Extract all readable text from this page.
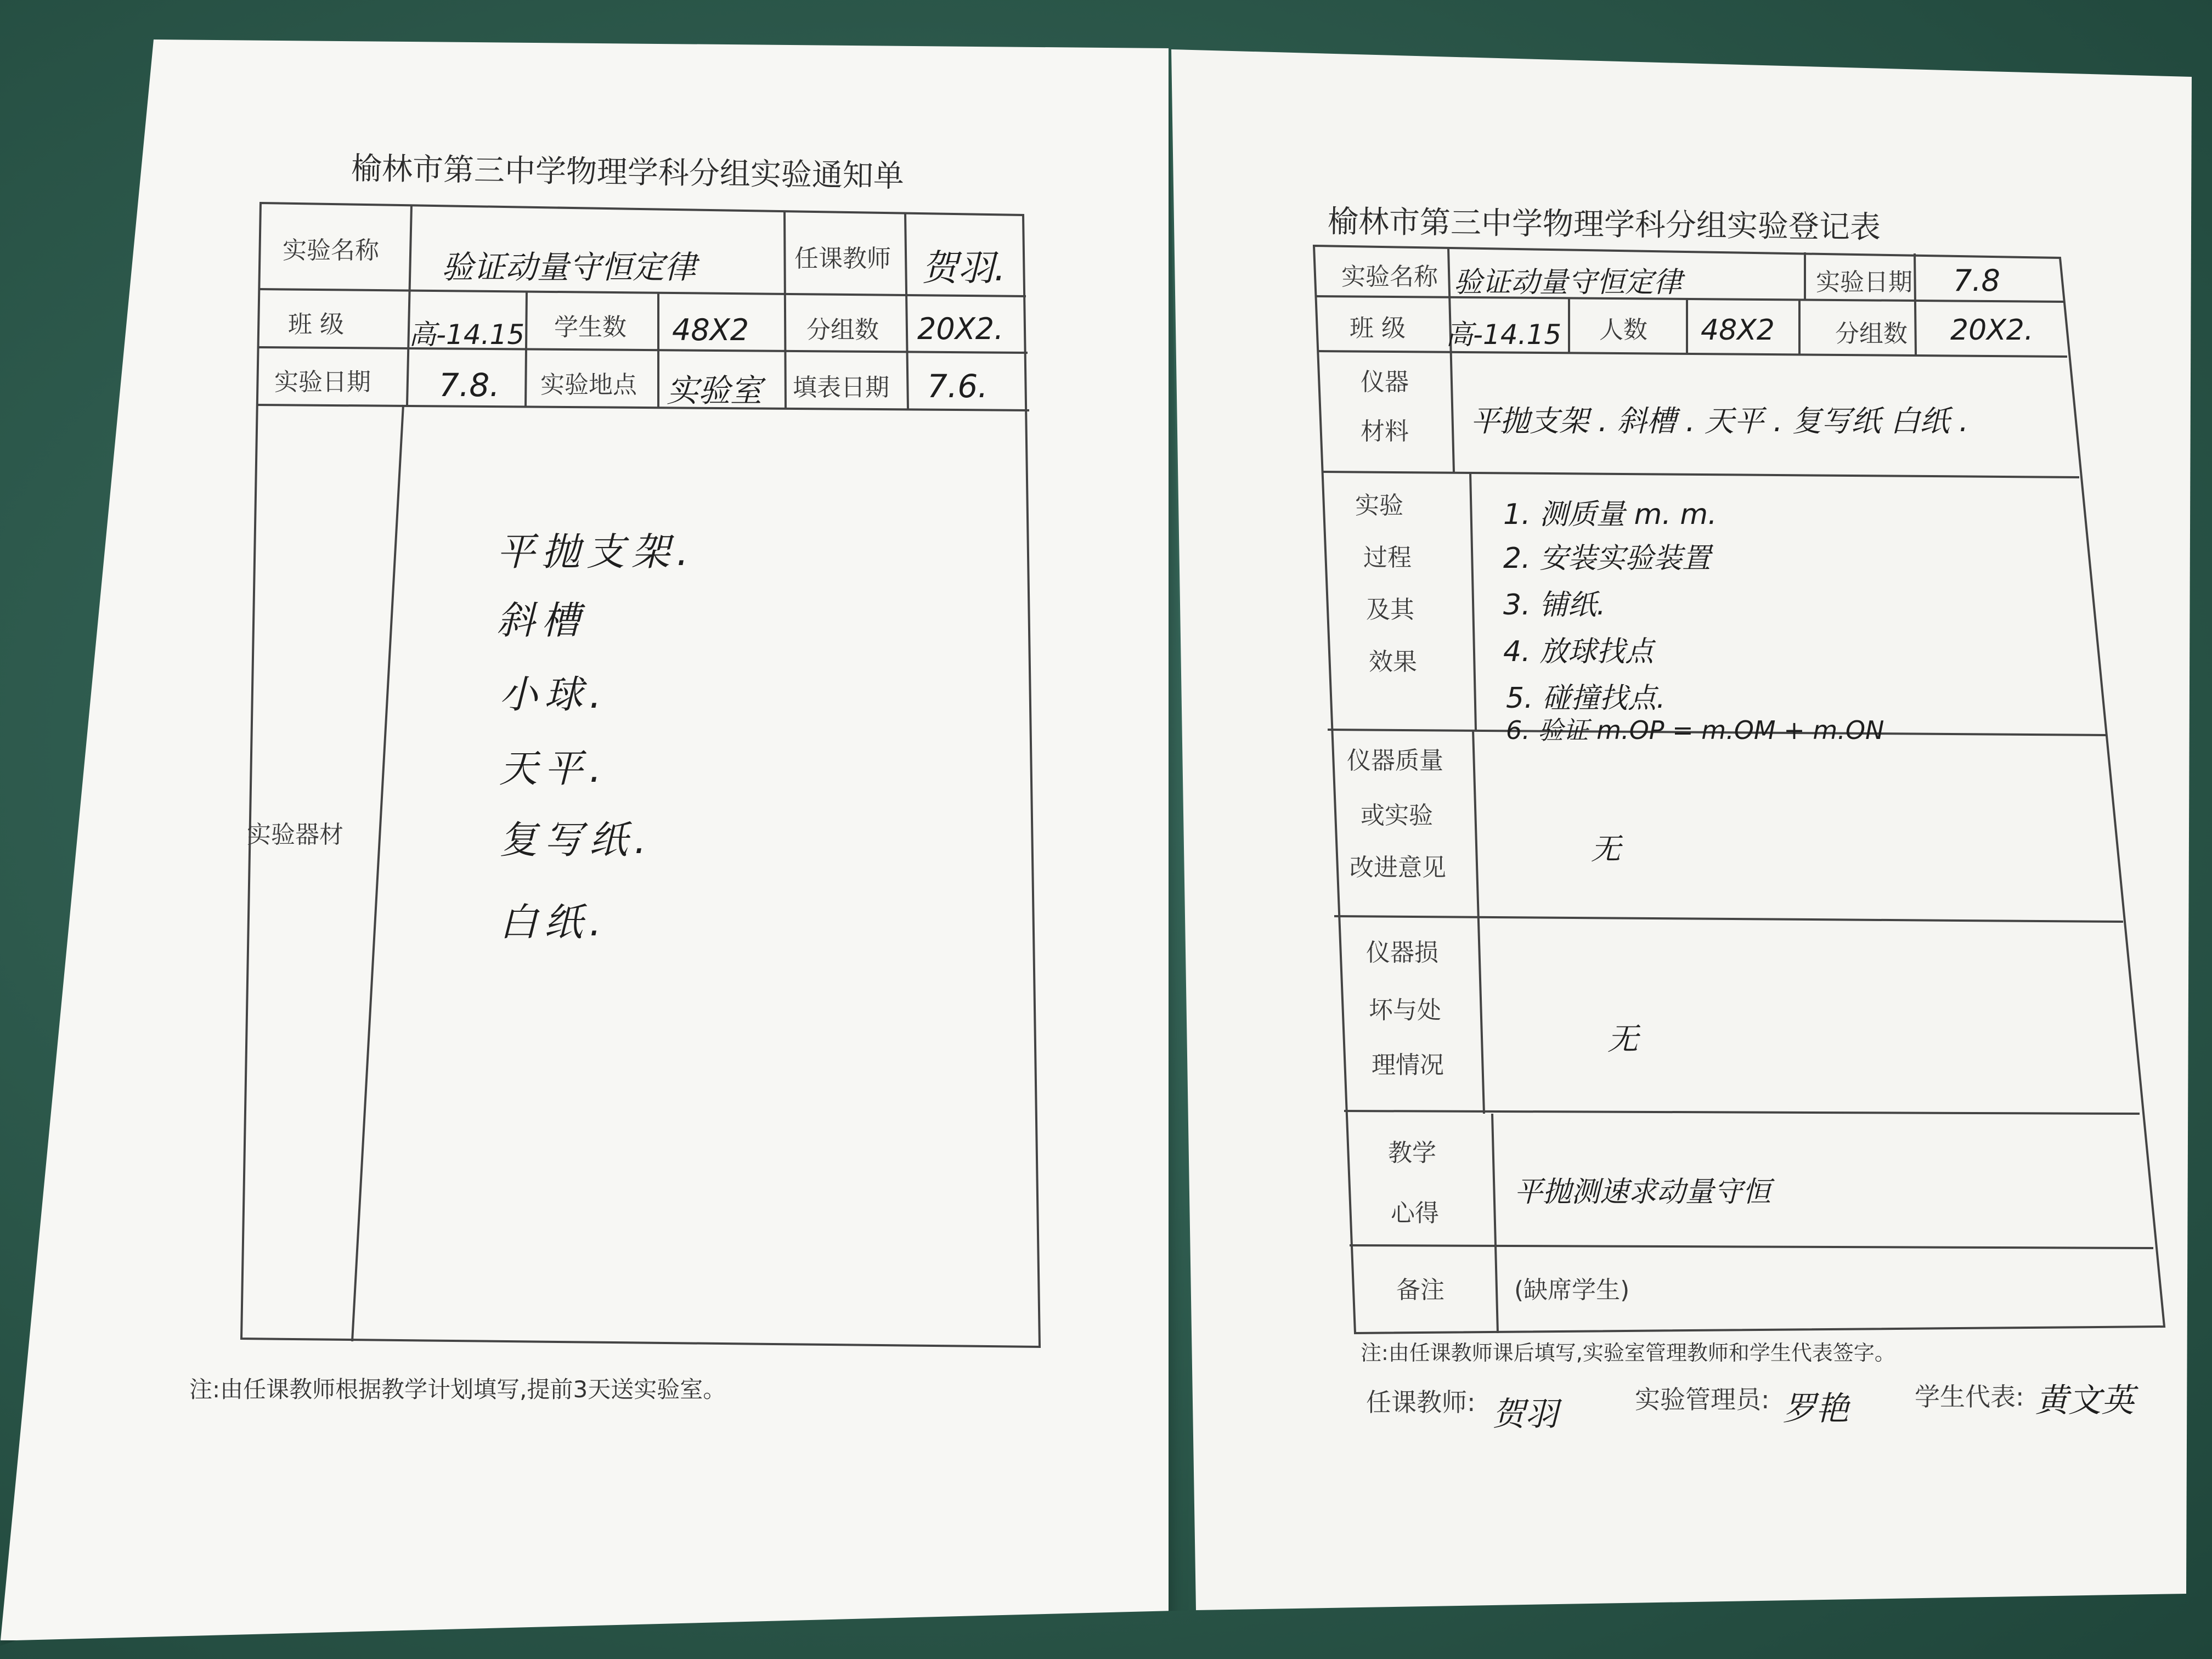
榆林市第三中学物理学科分组实验通知单
实验名称 验证动量守恒定律	任课教师 贺羽.
班 级 高-14.15 学生数 48X2 分组数 20X2.
实验日期 7.8. 实验地点 实验室 填表日期 7.6.
实验器材
平抛支架.
斜槽
小球.
天平.
复写纸.
白纸.
注:由任课教师根据教学计划填写,提前3天送实验室。
榆林市第三中学物理学科分组实验登记表
实验名称 验证动量守恒定律	实验日期 7.8
班 级 高-14.15 人数 48X2	分组数 20X2.
仪器
材料 平抛支架 . 斜槽 . 天平 . 复写纸 白纸 .
实验
过程
及其
效果
1. 测质量 m. m.
2. 安装实验装置
3. 铺纸.
4. 放球找点
5. 碰撞找点.
6. 验证 m.OP = m.OM + m.ON
仪器质量
或实验
改进意见
无
仪器损
坏与处
理情况
无
教学
心得
平抛测速求动量守恒
备注	(缺席学生)
注:由任课教师课后填写,实验室管理教师和学生代表签字。
任课教师: 贺羽	实验管理员: 罗艳	学生代表: 黄文英
